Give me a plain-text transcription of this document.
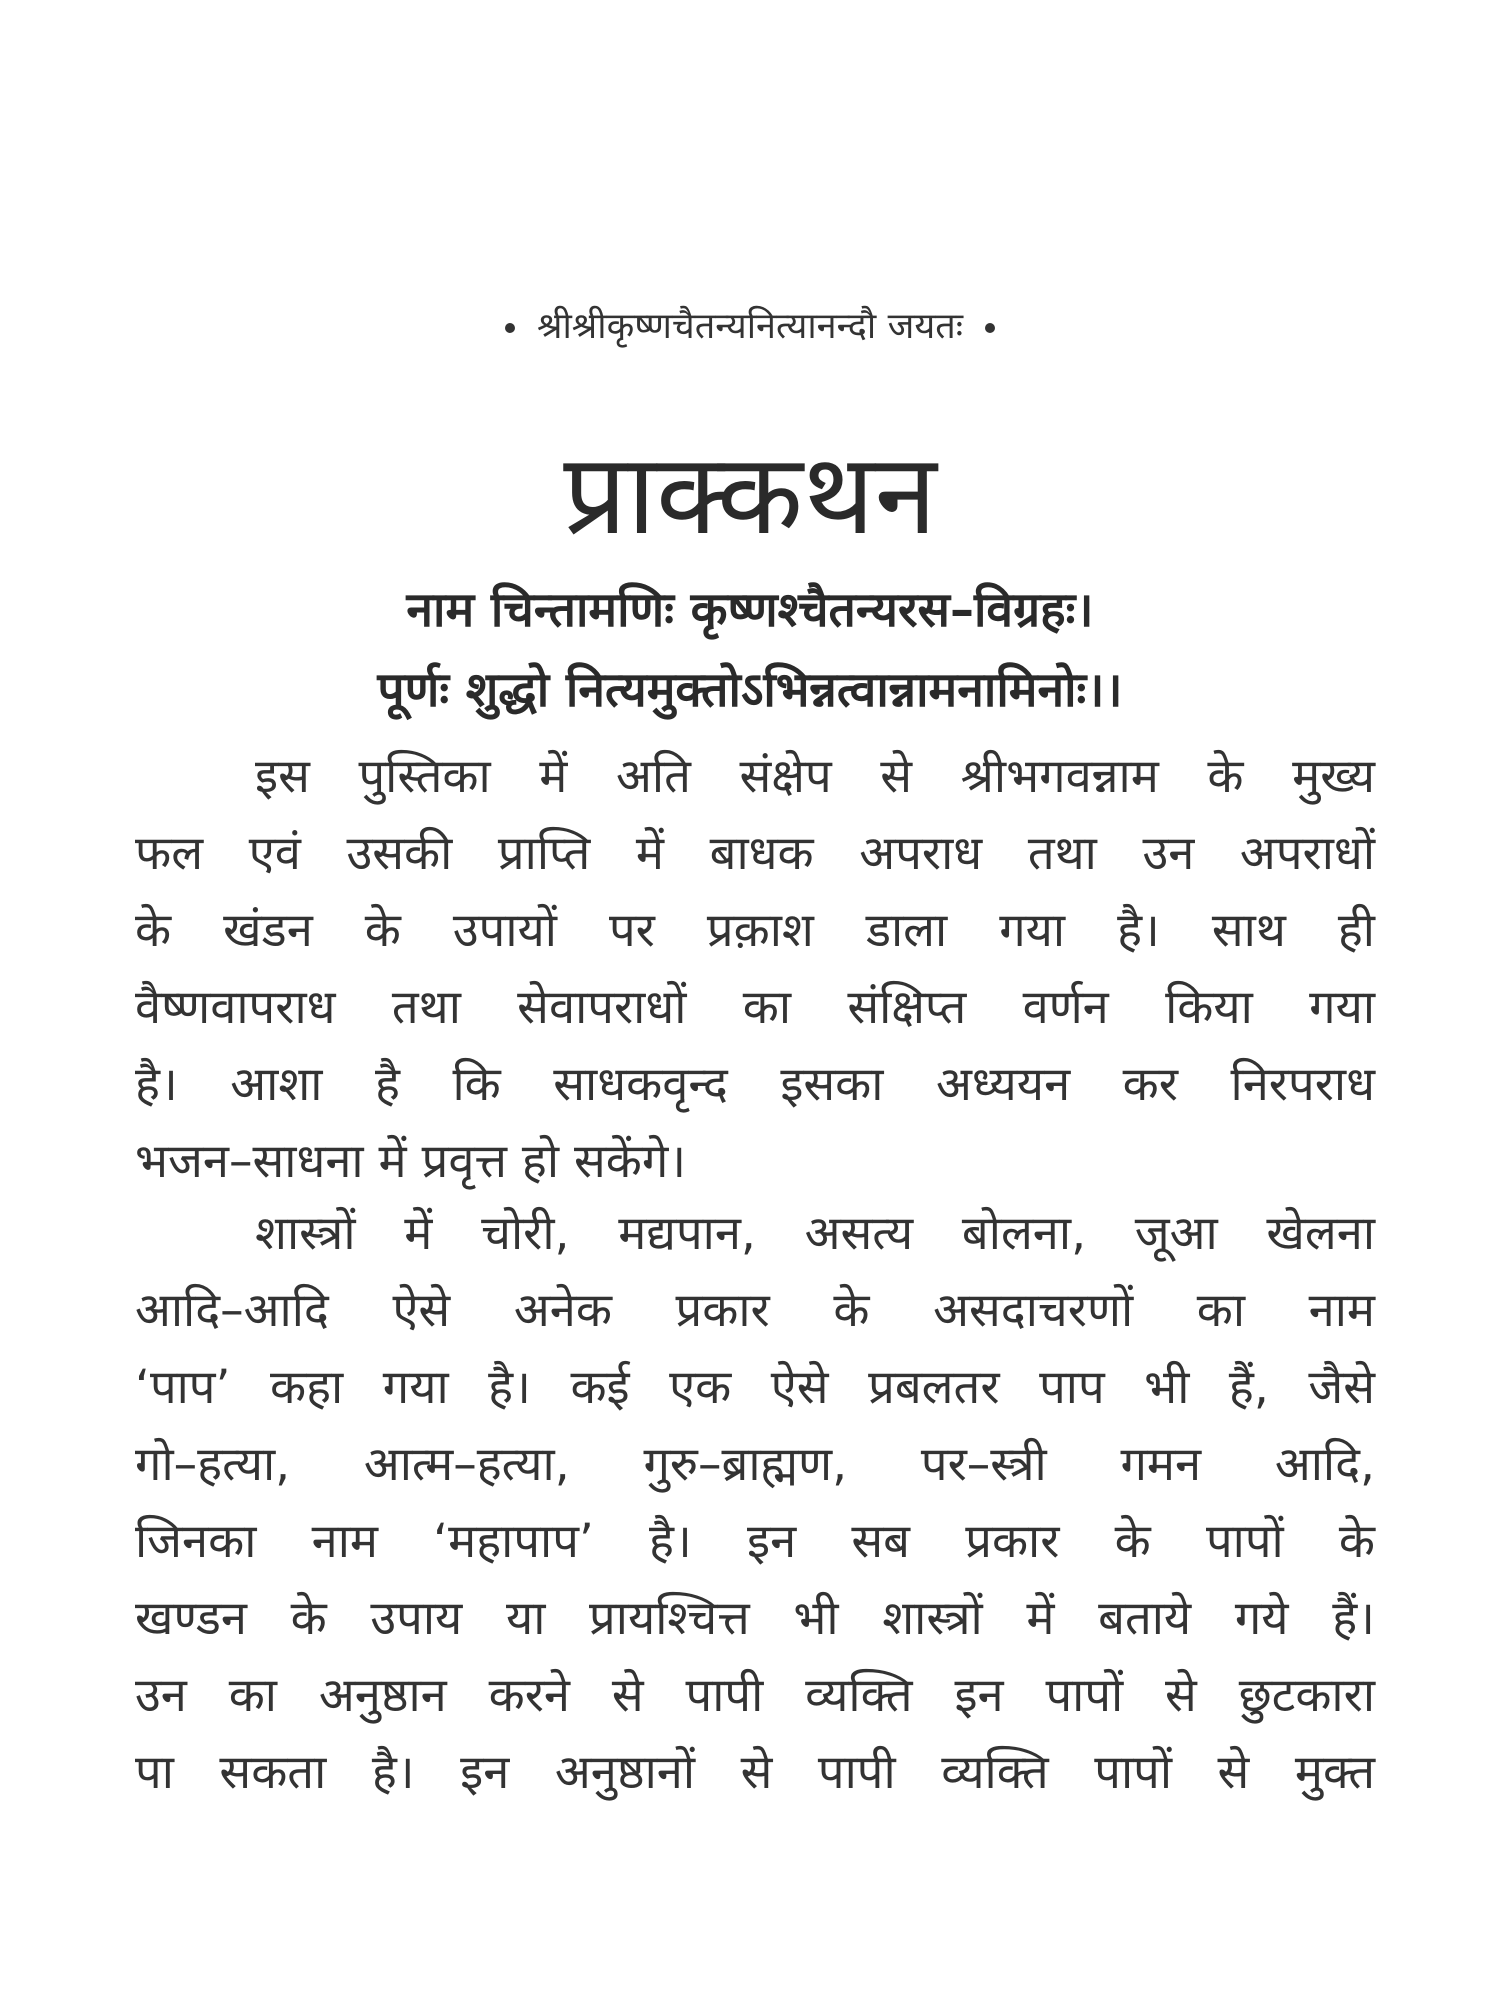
श्रीश्रीकृष्णचैतन्यनित्यानन्दौ जयतः
प्राक्कथन
नाम चिन्तामणिः कृष्णश्चैतन्यरस–विग्रहः।
पूर्णः शुद्धो नित्यमुक्तोऽभिन्नत्वान्नामनामिनोः।।
इस पुस्तिका में अति संक्षेप से श्रीभगवन्नाम के मुख्य
फल एवं उसकी प्राप्ति में बाधक अपराध तथा उन अपराधों
के खंडन के उपायों पर प्रक़ाश डाला गया है। साथ ही
वैष्णवापराध तथा सेवापराधों का संक्षिप्त वर्णन किया गया
है। आशा है कि साधकवृन्द इसका अध्ययन कर निरपराध
भजन–साधना में प्रवृत्त हो सकेंगे।
शास्त्रों में चोरी, मद्यपान, असत्य बोलना, जूआ खेलना
आदि–आदि ऐसे अनेक प्रकार के असदाचरणों का नाम
‘पाप’ कहा गया है। कई एक ऐसे प्रबलतर पाप भी हैं, जैसे
गो–हत्या, आत्म–हत्या, गुरु–ब्राह्मण, पर–स्त्री गमन आदि,
जिनका नाम ‘महापाप’ है। इन सब प्रकार के पापों के
खण्डन के उपाय या प्रायश्चित्त भी शास्त्रों में बताये गये हैं।
उन का अनुष्ठान करने से पापी व्यक्ति इन पापों से छुटकारा
पा सकता है। इन अनुष्ठानों से पापी व्यक्ति पापों से मुक्त
